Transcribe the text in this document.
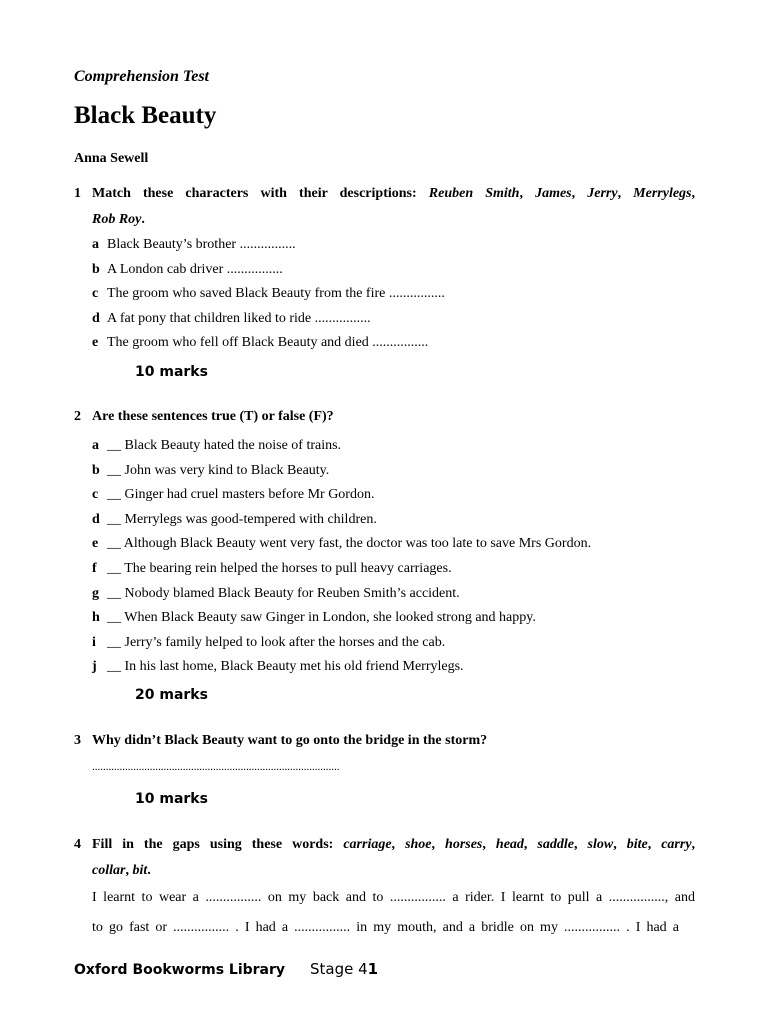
Comprehension Test
Black Beauty
Anna Sewell
1 Match these characters with their descriptions: Reuben Smith, James, Jerry, Merrylegs,
Rob Roy.
a Black Beauty’s brother ................
b A London cab driver ................
c The groom who saved Black Beauty from the fire ................
d A fat pony that children liked to ride ................
e The groom who fell off Black Beauty and died ................
10 marks
2 Are these sentences true (T) or false (F)?
a __ Black Beauty hated the noise of trains.
b __ John was very kind to Black Beauty.
c __ Ginger had cruel masters before Mr Gordon.
d __ Merrylegs was good-tempered with children.
e __ Although Black Beauty went very fast, the doctor was too late to save Mrs Gordon.
f __ The bearing rein helped the horses to pull heavy carriages.
g __ Nobody blamed Black Beauty for Reuben Smith’s accident.
h __ When Black Beauty saw Ginger in London, she looked strong and happy.
i __ Jerry’s family helped to look after the horses and the cab.
j __ In his last home, Black Beauty met his old friend Merrylegs.
20 marks
3 Why didn’t Black Beauty want to go onto the bridge in the storm?
..........................................................................................
10 marks
4 Fill in the gaps using these words: carriage, shoe, horses, head, saddle, slow, bite, carry,
collar, bit.
I learnt to wear a ................ on my back and to ................ a rider. I learnt to pull a ................, and
to go fast or ................ . I had a ................ in my mouth, and a bridle on my ................ . I had a
Oxford Bookworms Library Stage 41
